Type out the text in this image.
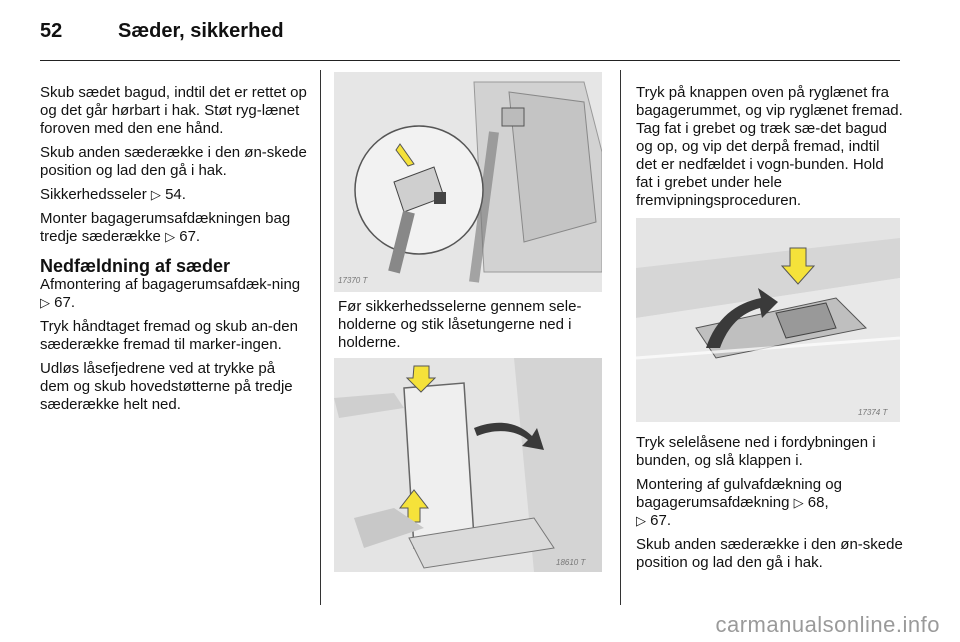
52	Sæder, sikkerhed

Skub sædet bagud, indtil det er rettet op og det går hørbart i hak. Støt ryg-lænet foroven med den ene hånd.

Skub anden sæderække i den øn-skede position og lad den gå i hak.

Sikkerhedsseler ▷ 54.

Monter bagagerumsafdækningen bag tredje sæderække ▷ 67.

Nedfældning af sæder

Afmontering af bagagerumsafdæk-ning ▷ 67.

Tryk håndtaget fremad og skub an-den sæderække fremad til marker-ingen.

Udløs låsefjedrene ved at trykke på dem og skub hovedstøtterne på tredje sæderække helt ned.

17370 T

Før sikkerhedsselerne gennem sele-holderne og stik låsetungerne ned i holderne.

18610 T

Tryk på knappen oven på ryglænet fra bagagerummet, og vip ryglænet fremad. Tag fat i grebet og træk sæ-det bagud og op, og vip det derpå fremad, indtil det er nedfældet i vogn-bunden. Hold fat i grebet under hele fremvipningsproceduren.

17374 T

Tryk selelåsene ned i fordybningen i bunden, og slå klappen i.

Montering af gulvafdækning og bagagerumsafdækning ▷ 68,
▷ 67.

Skub anden sæderække i den øn-skede position og lad den gå i hak.

carmanualsonline.info
